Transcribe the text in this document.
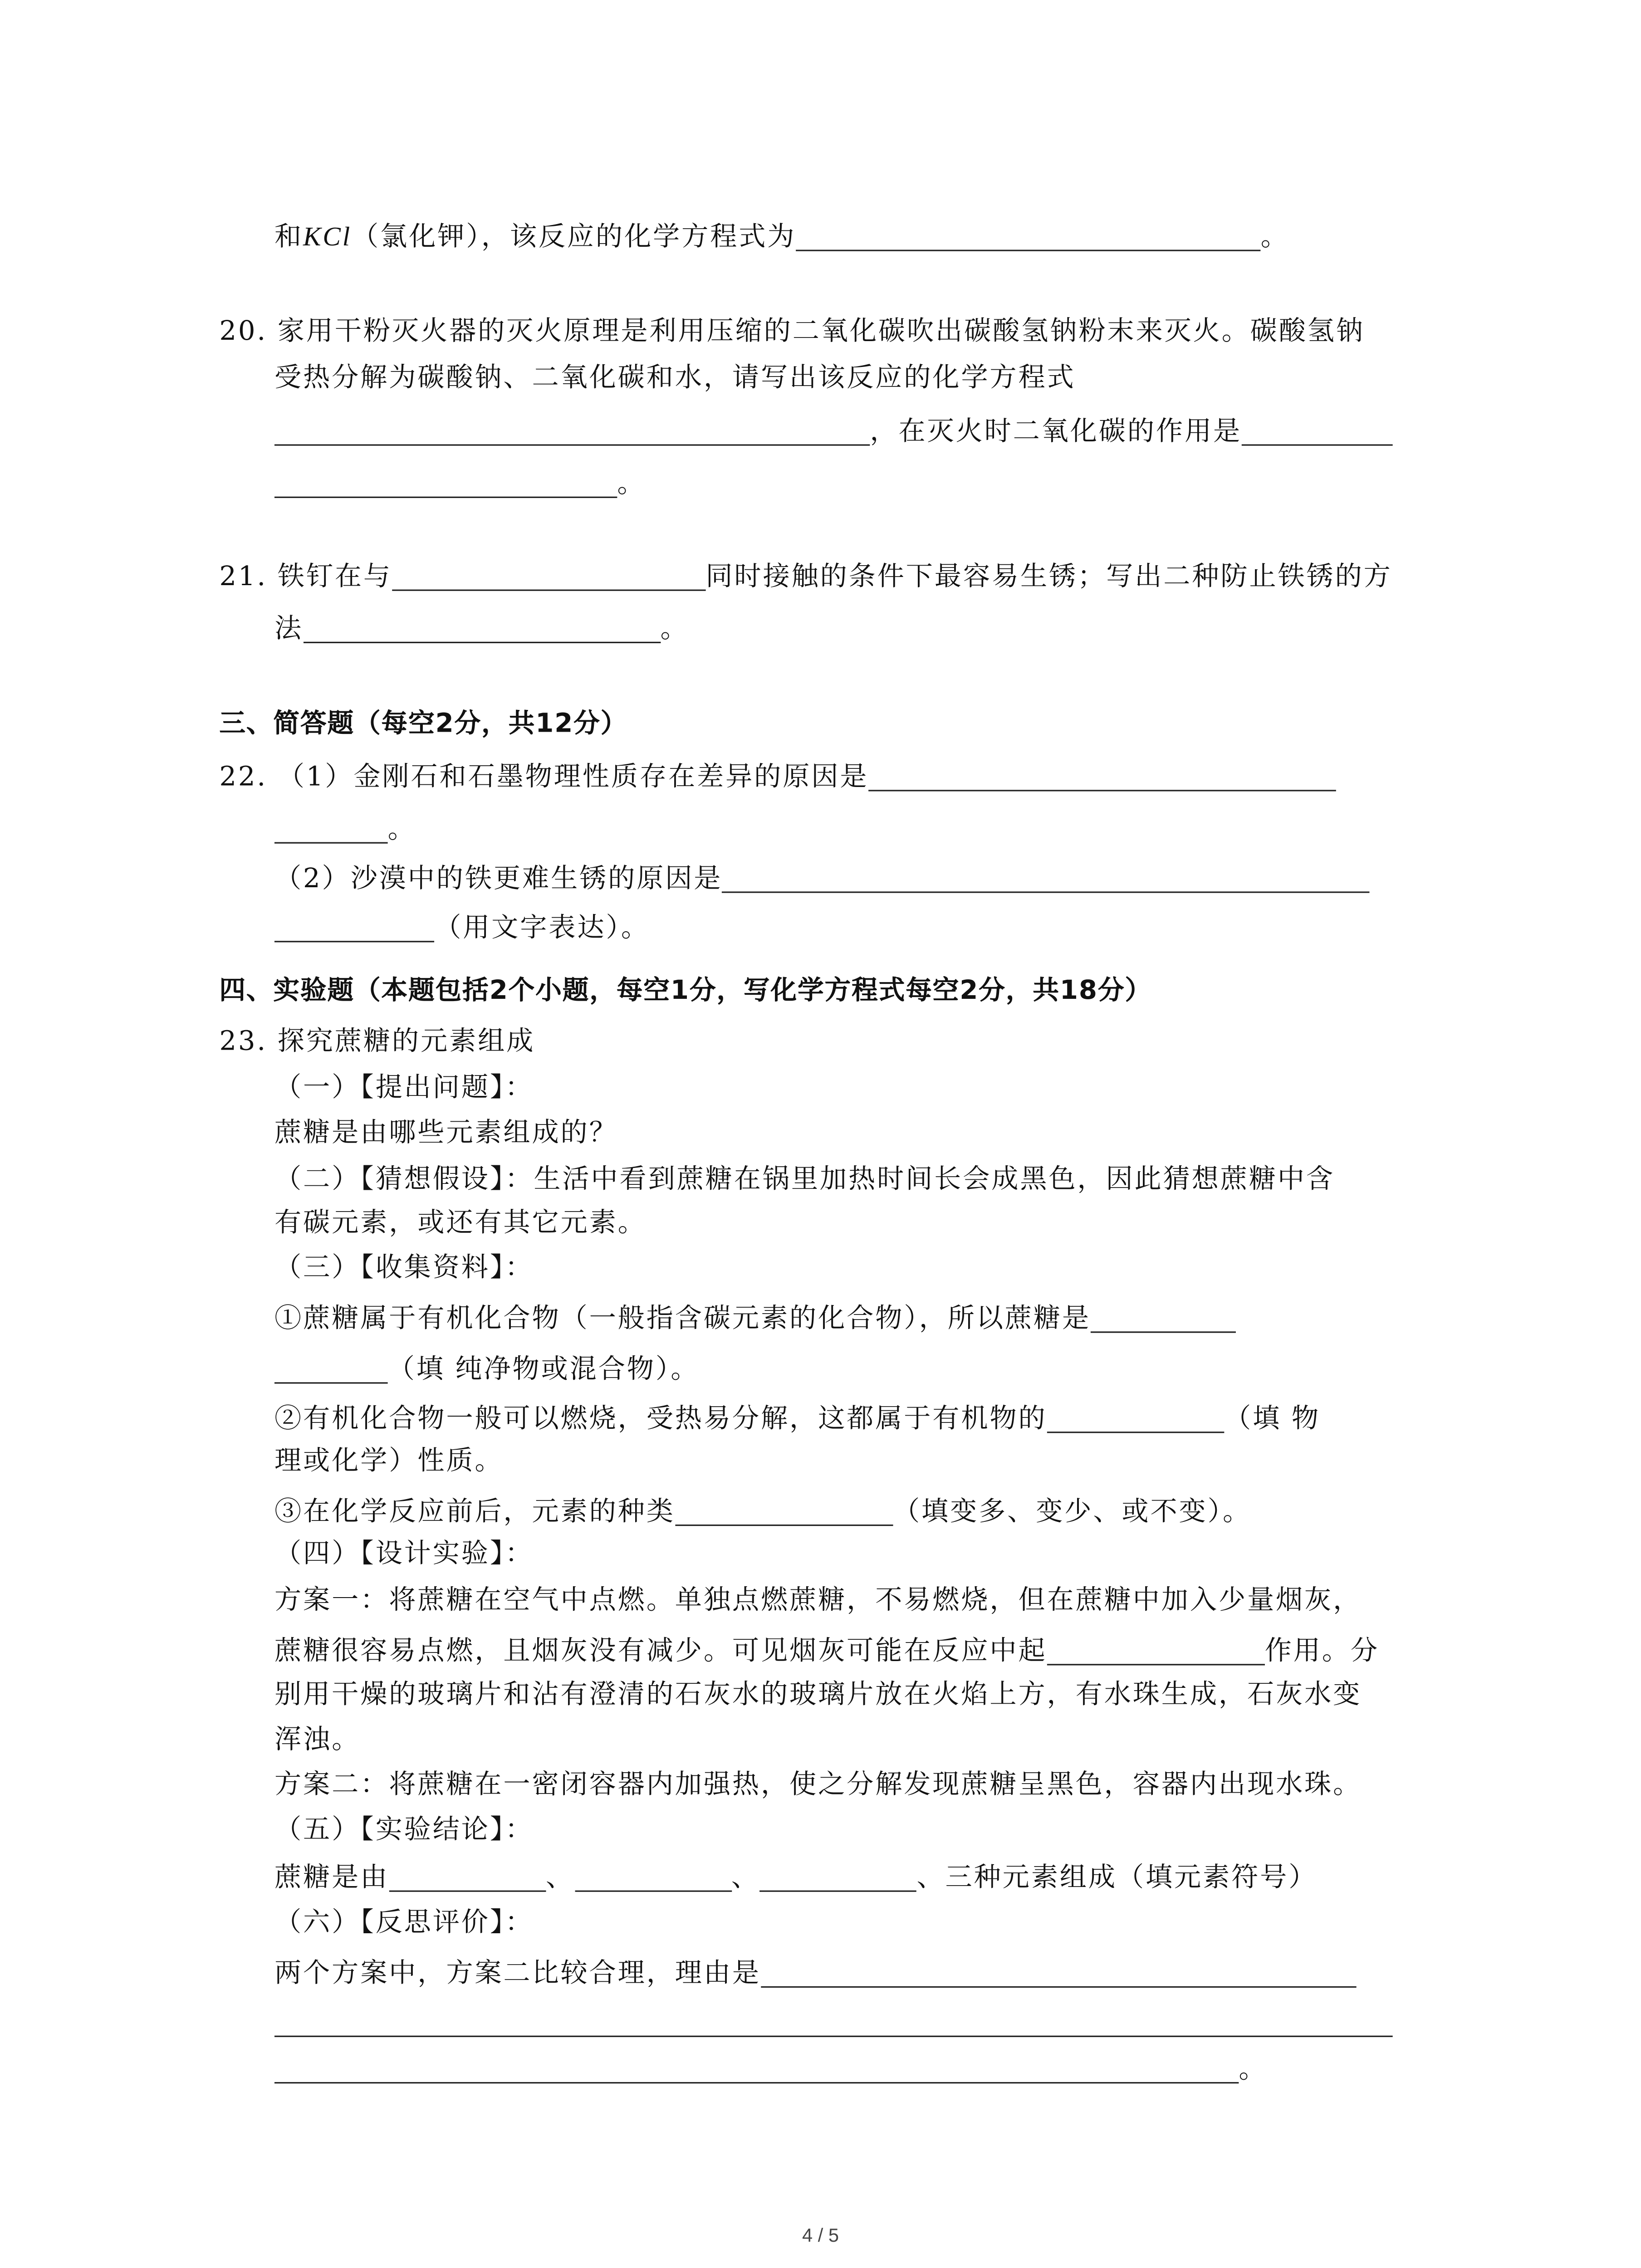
和KCl（氯化钾），该反应的化学方程式为	。
20. 家用干粉灭火器的灭火原理是利用压缩的二氧化碳吹出碳酸氢钠粉末来灭火。碳酸氢钠
受热分解为碳酸钠、二氧化碳和水，请写出该反应的化学方程式
，在灭火时二氧化碳的作用是
。
21. 铁钉在与	同时接触的条件下最容易生锈；写出二种防止铁锈的方
法	。
三、简答题（每空2分，共12分）
22. （1）金刚石和石墨物理性质存在差异的原因是
。
（2）沙漠中的铁更难生锈的原因是
（用文字表达）。
四、实验题（本题包括2个小题，每空1分，写化学方程式每空2分，共18分）
23. 探究蔗糖的元素组成
（一）【提出问题】：
蔗糖是由哪些元素组成的？
（二）【猜想假设】：生活中看到蔗糖在锅里加热时间长会成黑色，因此猜想蔗糖中含
有碳元素，或还有其它元素。
（三）【收集资料】：
①蔗糖属于有机化合物（一般指含碳元素的化合物），所以蔗糖是
（填 纯净物或混合物）。
②有机化合物一般可以燃烧，受热易分解，这都属于有机物的	（填 物
理或化学）性质。
③在化学反应前后，元素的种类	（填变多、变少、或不变）。
（四）【设计实验】：
方案一：将蔗糖在空气中点燃。单独点燃蔗糖，不易燃烧，但在蔗糖中加入少量烟灰，
蔗糖很容易点燃，且烟灰没有减少。可见烟灰可能在反应中起	作用。分
别用干燥的玻璃片和沾有澄清的石灰水的玻璃片放在火焰上方，有水珠生成，石灰水变
浑浊。
方案二：将蔗糖在一密闭容器内加强热，使之分解发现蔗糖呈黑色，容器内出现水珠。
（五）【实验结论】：
蔗糖是由	、	、	、三种元素组成（填元素符号）
（六）【反思评价】：
两个方案中，方案二比较合理，理由是
。
4 / 5
